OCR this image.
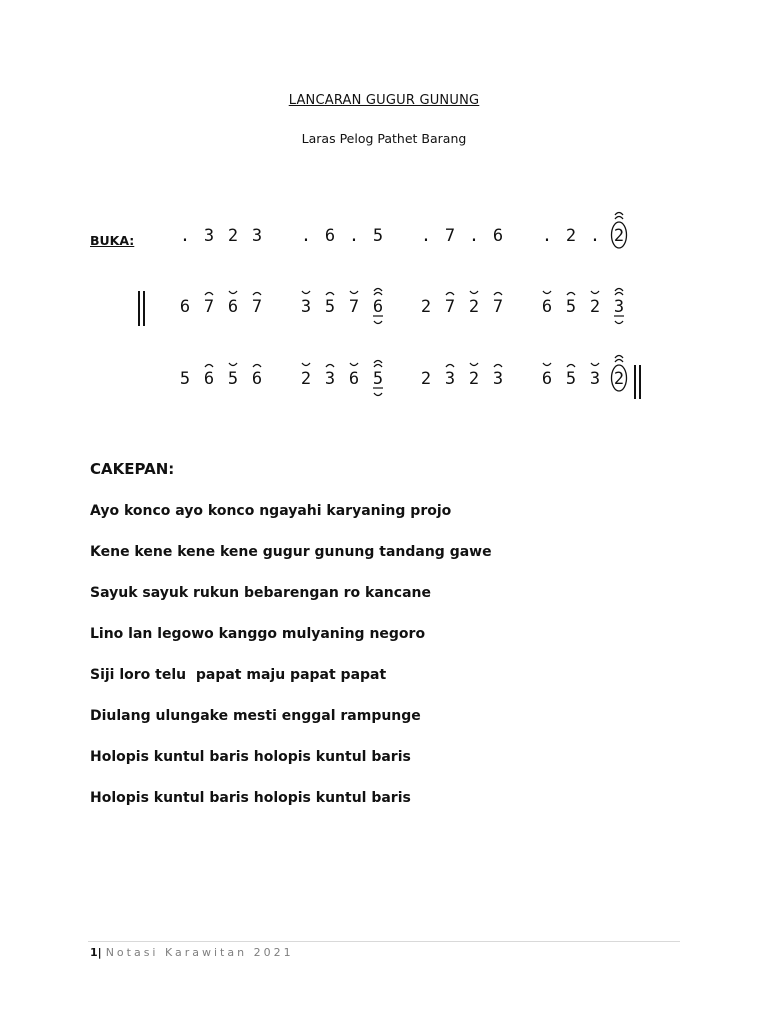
LANCARAN GUGUR GUNUNG
Laras Pelog Pathet Barang
BUKA:	. 3 2 3 . 6 . 5 . 7 . 6 . 2 . 2
6 7 6 7 3 5 7 6 2 7 2 7 6 5 2 3
5 6 5 6 2 3 6 5 2 3 2 3 6 5 3 2
CAKEPAN:
Ayo konco ayo konco ngayahi karyaning projo
Kene kene kene kene gugur gunung tandang gawe
Sayuk sayuk rukun bebarengan ro kancane
Lino lan legowo kanggo mulyaning negoro
Siji loro telu  papat maju papat papat
Diulang ulungake mesti enggal rampunge
Holopis kuntul baris holopis kuntul baris
Holopis kuntul baris holopis kuntul baris
1| Notasi Karawitan 2021
